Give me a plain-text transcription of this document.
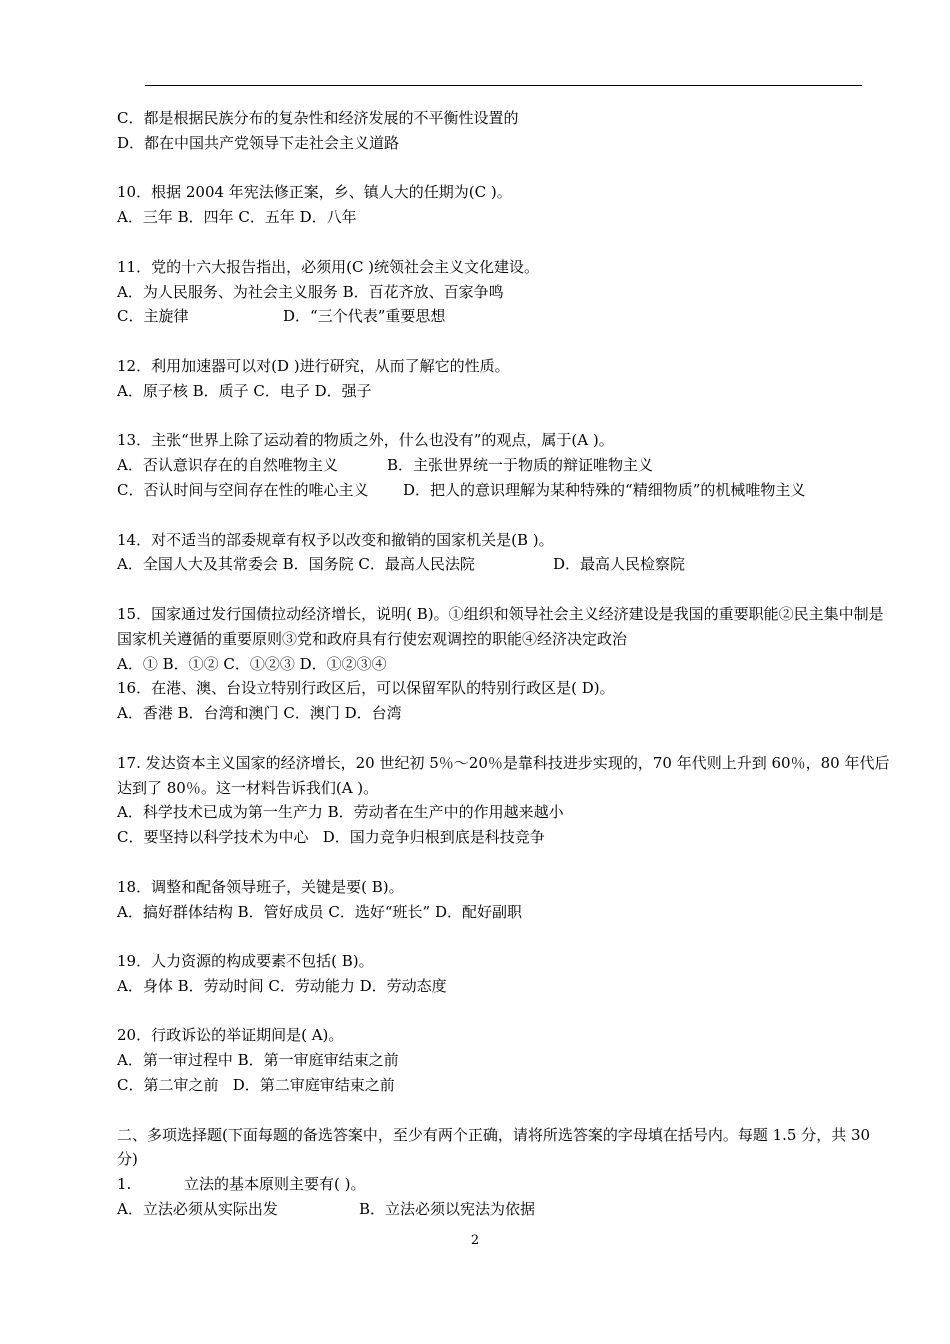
C．都是根据民族分布的复杂性和经济发展的不平衡性设置的
D．都在中国共产党领导下走社会主义道路
10．根据 2004 年宪法修正案，乡、镇人大的任期为(C )。
A．三年 B．四年 C．五年 D．八年
11．党的十六大报告指出，必须用(C )统领社会主义文化建设。
A．为人民服务、为社会主义服务 B．百花齐放、百家争鸣
C．主旋律	D．“三个代表”重要思想
12．利用加速器可以对(D )进行研究，从而了解它的性质。
A．原子核 B．质子 C．电子 D．强子
13．主张“世界上除了运动着的物质之外，什么也没有”的观点，属于(A )。
A．否认意识存在的自然唯物主义	B．主张世界统一于物质的辩证唯物主义
C．否认时间与空间存在性的唯心主义 D．把人的意识理解为某种特殊的“精细物质”的机械唯物主义
14．对不适当的部委规章有权予以改变和撤销的国家机关是(B )。
A．全国人大及其常委会 B．国务院 C．最高人民法院	D．最高人民检察院
15．国家通过发行国债拉动经济增长，说明( B)。①组织和领导社会主义经济建设是我国的重要职能②民主集中制是国家机关遵循的重要原则③党和政府具有行使宏观调控的职能④经济决定政治
A．① B．①② C．①②③ D．①②③④
16．在港、澳、台设立特别行政区后，可以保留军队的特别行政区是( D)。
A．香港 B．台湾和澳门 C．澳门 D．台湾
17. 发达资本主义国家的经济增长，20 世纪初 5％～20％是靠科技进步实现的，70 年代则上升到 60％，80 年代后达到了 80％。这一材料告诉我们(A )。
A．科学技术已成为第一生产力 B．劳动者在生产中的作用越来越小
C．要坚持以科学技术为中心   D．国力竞争归根到底是科技竞争
18．调整和配备领导班子，关键是要( B)。
A．搞好群体结构 B．管好成员 C．选好“班长” D．配好副职
19．人力资源的构成要素不包括( B)。
A．身体 B．劳动时间 C．劳动能力 D．劳动态度
20．行政诉讼的举证期间是( A)。
A．第一审过程中 B．第一审庭审结束之前
C．第二审之前   D．第二审庭审结束之前
二、多项选择题(下面每题的备选答案中，至少有两个正确，请将所选答案的字母填在括号内。每题 1.5 分，共 30 分)
1.	立法的基本原则主要有( )。
A．立法必须从实际出发	B．立法必须以宪法为依据
2
